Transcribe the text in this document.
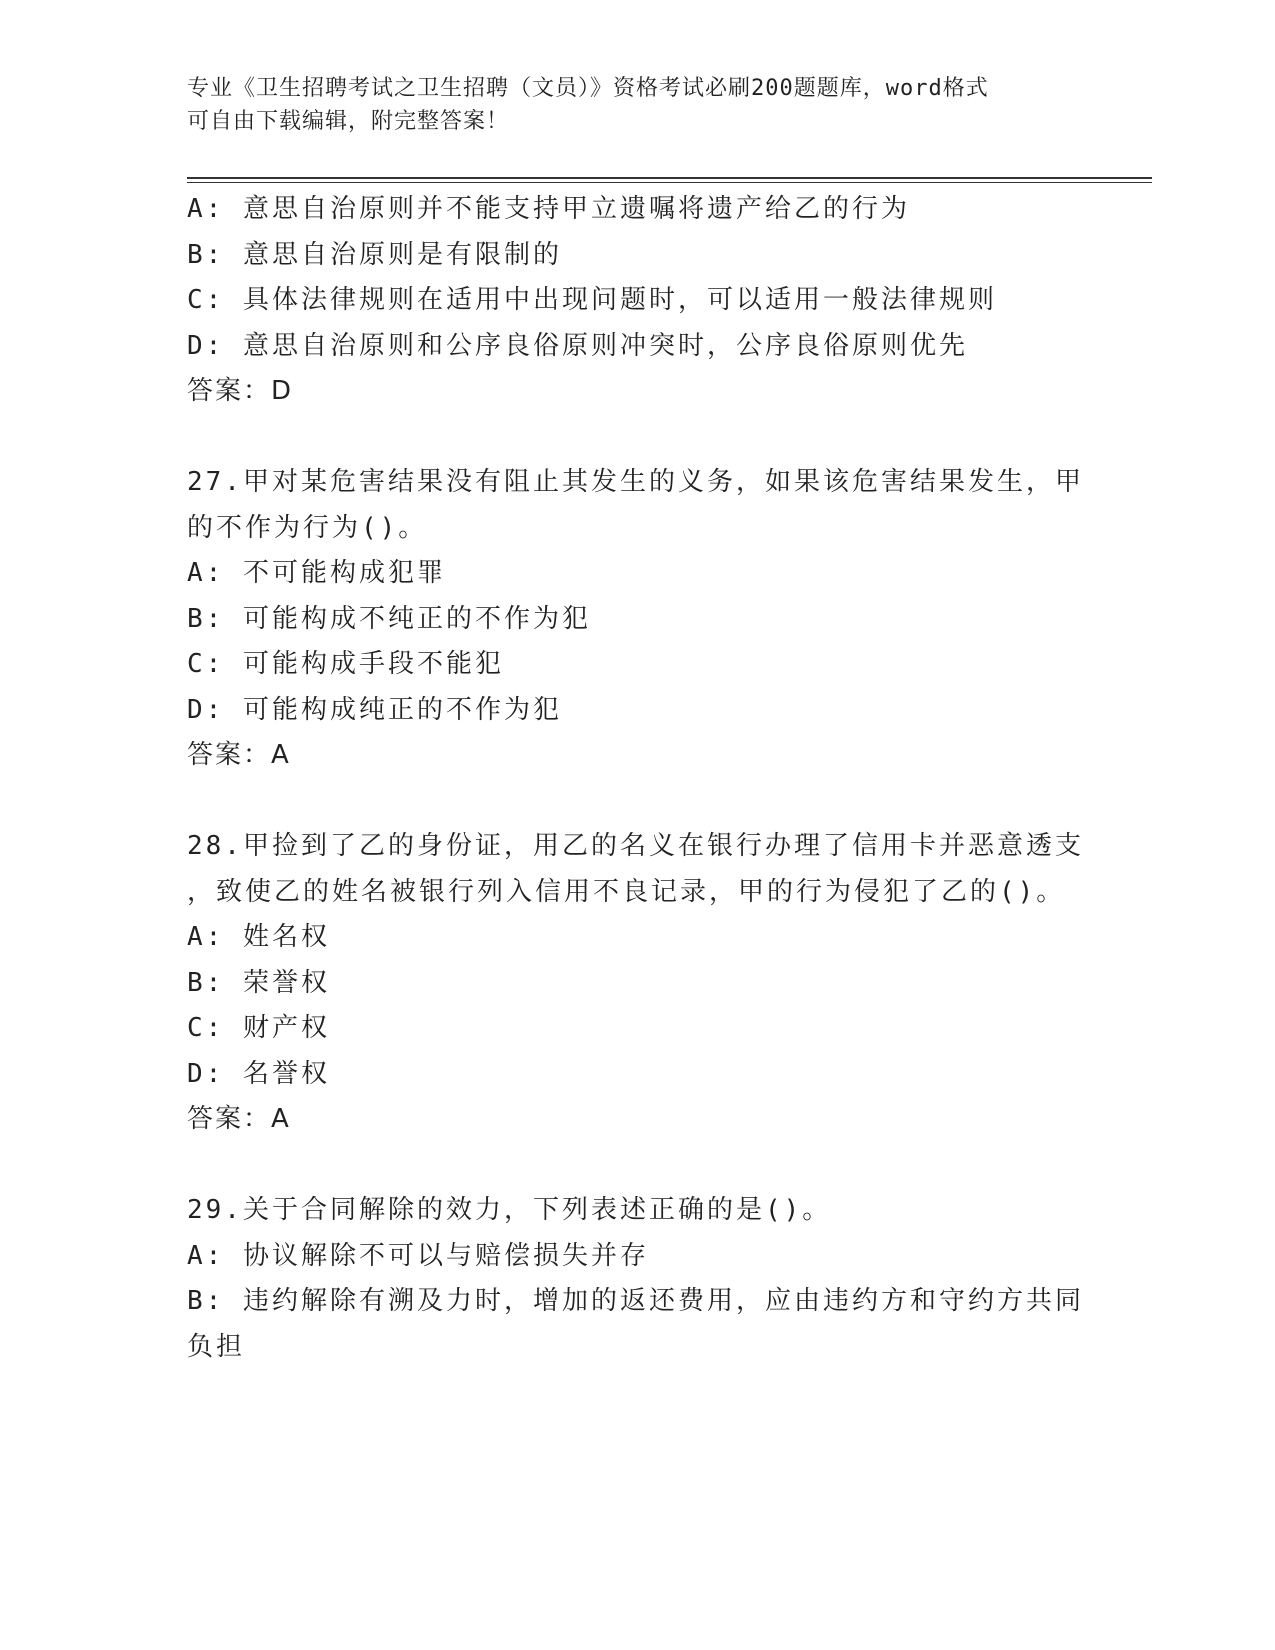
专业《卫生招聘考试之卫生招聘（文员）》资格考试必刷200题题库，word格式
可自由下载编辑，附完整答案！
A: 意思自治原则并不能支持甲立遗嘱将遗产给乙的行为
B: 意思自治原则是有限制的
C: 具体法律规则在适用中出现问题时，可以适用一般法律规则
D: 意思自治原则和公序良俗原则冲突时，公序良俗原则优先
答案：D
27.甲对某危害结果没有阻止其发生的义务，如果该危害结果发生，甲
的不作为行为()。
A: 不可能构成犯罪
B: 可能构成不纯正的不作为犯
C: 可能构成手段不能犯
D: 可能构成纯正的不作为犯
答案：A
28.甲捡到了乙的身份证，用乙的名义在银行办理了信用卡并恶意透支
，致使乙的姓名被银行列入信用不良记录，甲的行为侵犯了乙的()。
A: 姓名权
B: 荣誉权
C: 财产权
D: 名誉权
答案：A
29.关于合同解除的效力，下列表述正确的是()。
A: 协议解除不可以与赔偿损失并存
B: 违约解除有溯及力时，增加的返还费用，应由违约方和守约方共同
负担
